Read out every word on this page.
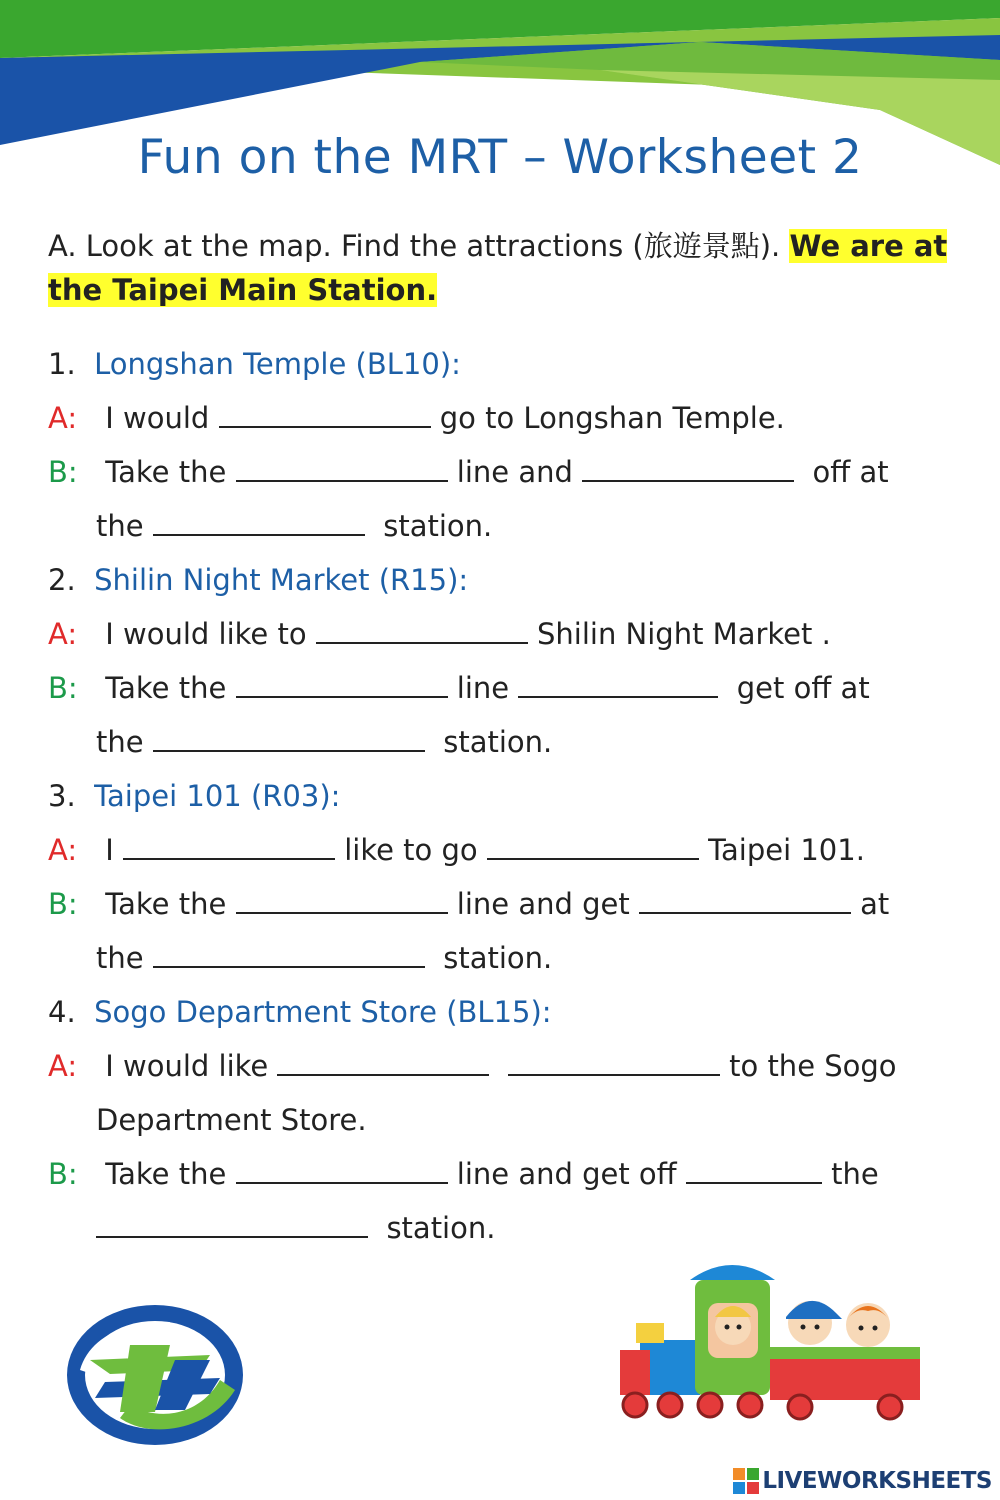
Fun on the MRT – Worksheet 2
A. Look at the map. Find the attractions (旅遊景點). We are at the Taipei Main Station.
1. Longshan Temple (BL10):
A: I would	go to Longshan Temple.
B: Take the	line and	off at
the	station.
2. Shilin Night Market (R15):
A: I would like to	Shilin Night Market .
B: Take the	line	get off at
the	station.
3. Taipei 101 (R03):
A: I	like to go	Taipei 101.
B: Take the	line and get	at
the	station.
4. Sogo Department Store (BL15):
A: I would like	to the Sogo
Department Store.
B: Take the	line and get off	the
station.
LIVEWORKSHEETS
